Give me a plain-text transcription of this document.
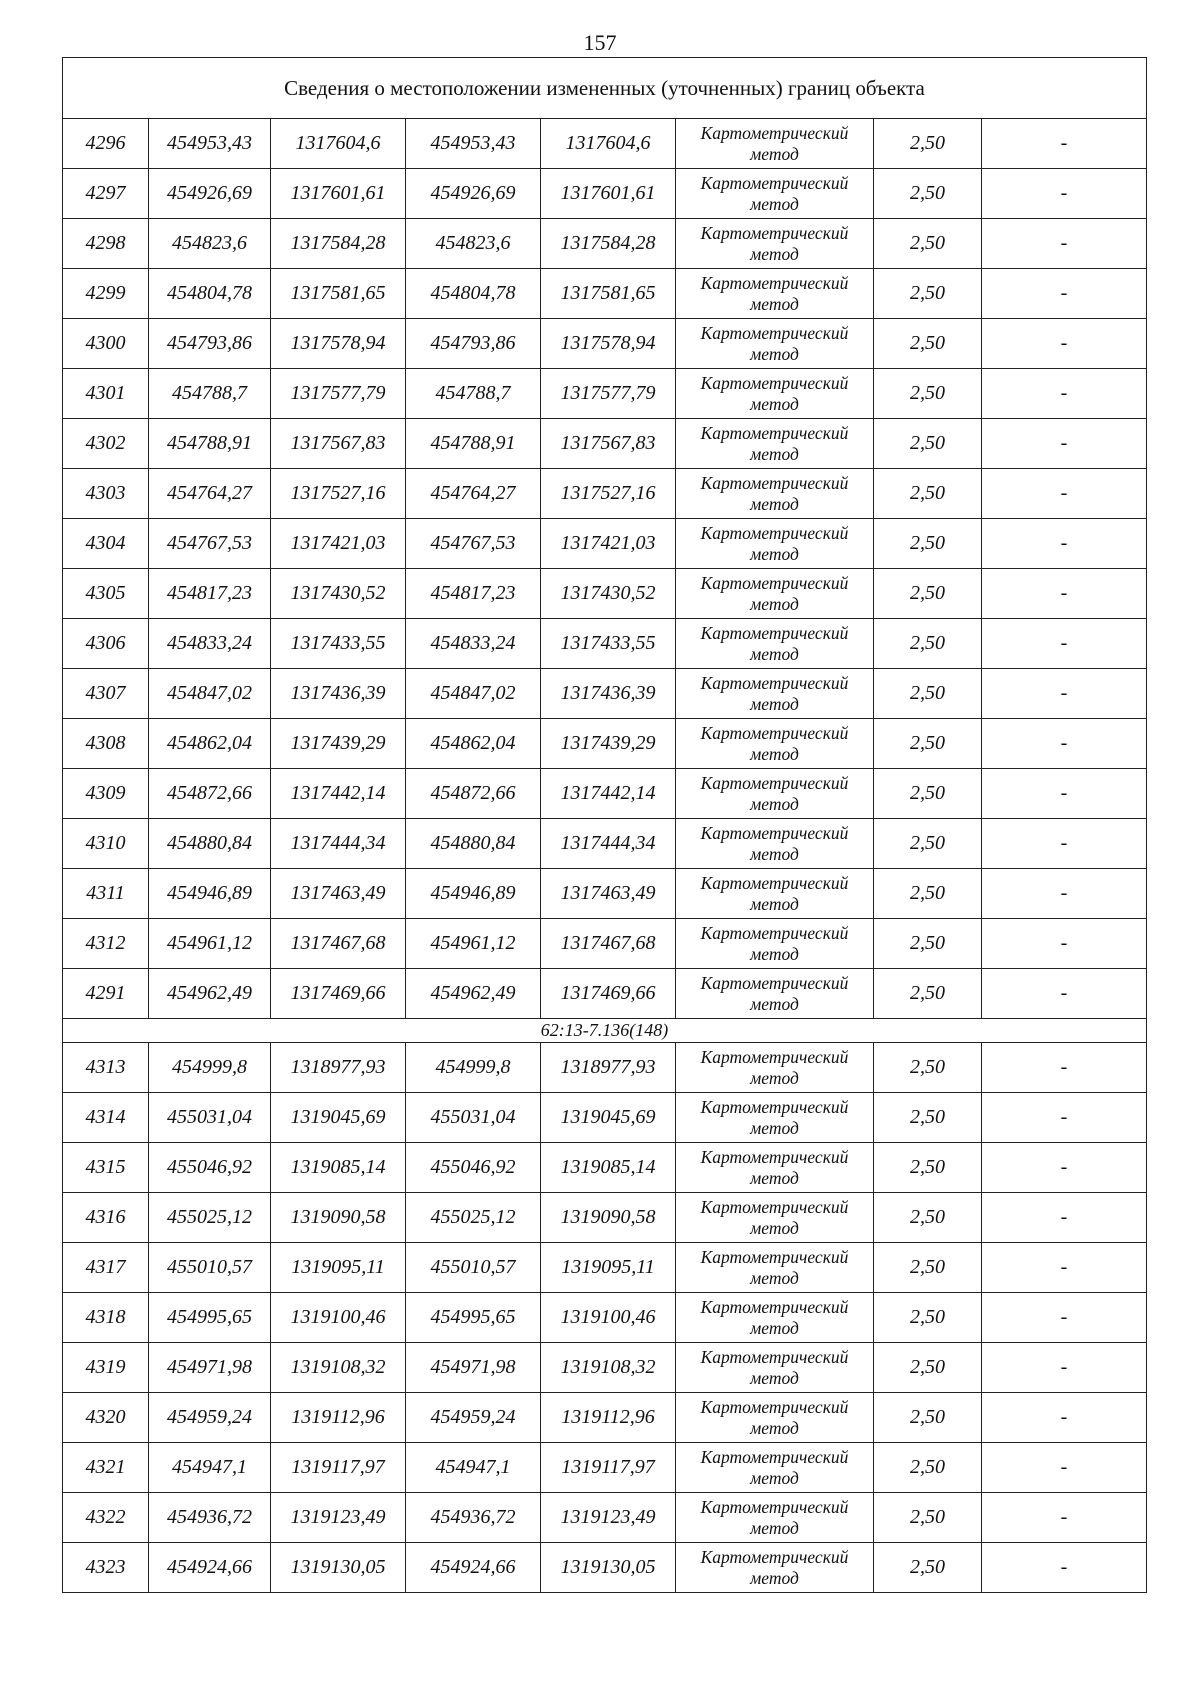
157
Сведения о местоположении измененных (уточненных) границ объекта							
4296	454953,43	1317604,6	454953,43	1317604,6	Картометрический метод	2,50	-
4297	454926,69	1317601,61	454926,69	1317601,61	Картометрический метод	2,50	-
4298	454823,6	1317584,28	454823,6	1317584,28	Картометрический метод	2,50	-
4299	454804,78	1317581,65	454804,78	1317581,65	Картометрический метод	2,50	-
4300	454793,86	1317578,94	454793,86	1317578,94	Картометрический метод	2,50	-
4301	454788,7	1317577,79	454788,7	1317577,79	Картометрический метод	2,50	-
4302	454788,91	1317567,83	454788,91	1317567,83	Картометрический метод	2,50	-
4303	454764,27	1317527,16	454764,27	1317527,16	Картометрический метод	2,50	-
4304	454767,53	1317421,03	454767,53	1317421,03	Картометрический метод	2,50	-
4305	454817,23	1317430,52	454817,23	1317430,52	Картометрический метод	2,50	-
4306	454833,24	1317433,55	454833,24	1317433,55	Картометрический метод	2,50	-
4307	454847,02	1317436,39	454847,02	1317436,39	Картометрический метод	2,50	-
4308	454862,04	1317439,29	454862,04	1317439,29	Картометрический метод	2,50	-
4309	454872,66	1317442,14	454872,66	1317442,14	Картометрический метод	2,50	-
4310	454880,84	1317444,34	454880,84	1317444,34	Картометрический метод	2,50	-
4311	454946,89	1317463,49	454946,89	1317463,49	Картометрический метод	2,50	-
4312	454961,12	1317467,68	454961,12	1317467,68	Картометрический метод	2,50	-
4291	454962,49	1317469,66	454962,49	1317469,66	Картометрический метод	2,50	-
62:13-7.136(148)							
4313	454999,8	1318977,93	454999,8	1318977,93	Картометрический метод	2,50	-
4314	455031,04	1319045,69	455031,04	1319045,69	Картометрический метод	2,50	-
4315	455046,92	1319085,14	455046,92	1319085,14	Картометрический метод	2,50	-
4316	455025,12	1319090,58	455025,12	1319090,58	Картометрический метод	2,50	-
4317	455010,57	1319095,11	455010,57	1319095,11	Картометрический метод	2,50	-
4318	454995,65	1319100,46	454995,65	1319100,46	Картометрический метод	2,50	-
4319	454971,98	1319108,32	454971,98	1319108,32	Картометрический метод	2,50	-
4320	454959,24	1319112,96	454959,24	1319112,96	Картометрический метод	2,50	-
4321	454947,1	1319117,97	454947,1	1319117,97	Картометрический метод	2,50	-
4322	454936,72	1319123,49	454936,72	1319123,49	Картометрический метод	2,50	-
4323	454924,66	1319130,05	454924,66	1319130,05	Картометрический метод	2,50	-
